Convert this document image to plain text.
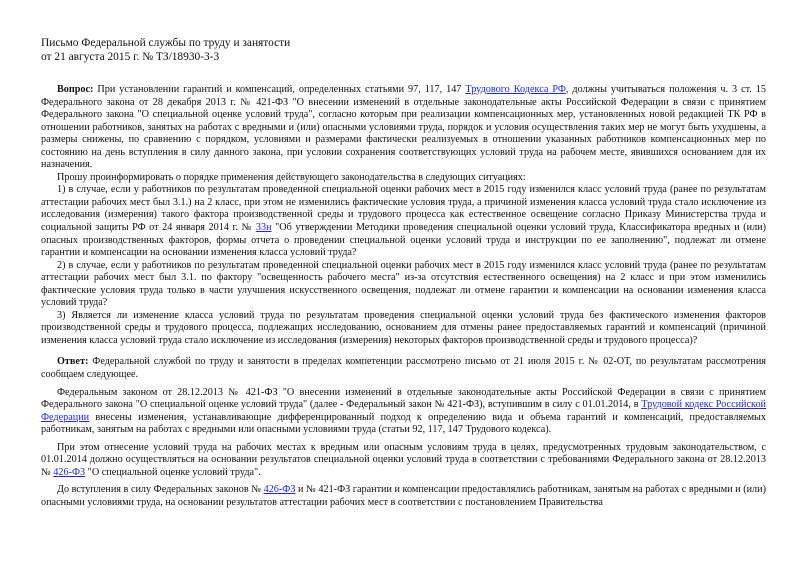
Письмо Федеральной службы по труду и занятости
от 21 августа 2015 г. № ТЗ/18930-3-3

Вопрос: При установлении гарантий и компенсаций, определенных статьями 97, 117, 147 Трудового Кодекса РФ, должны учитываться положения ч. 3 ст. 15 Федерального закона от 28 декабря 2013 г. № 421-ФЗ "О внесении изменений в отдельные законодательные акты Российской Федерации в связи с принятием Федерального закона "О специальной оценке условий труда", согласно которым при реализации компенсационных мер, установленных новой редакцией ТК РФ в отношении работников, занятых на работах с вредными и (или) опасными условиями труда, порядок и условия осуществления таких мер не могут быть ухудшены, а размеры снижены, по сравнению с порядком, условиями и размерами фактически реализуемых в отношении указанных работников компенсационных мер по состоянию на день вступления в силу данного закона, при условии сохранения соответствующих условий труда на рабочем месте, явившихся основанием для их назначения.

Прошу проинформировать о порядке применения действующего законодательства в следующих ситуациях:

1) в случае, если у работников по результатам проведенной специальной оценки рабочих мест в 2015 году изменился класс условий труда (ранее по результатам аттестации рабочих мест был 3.1.) на 2 класс, при этом не изменились фактические условия труда, а причиной изменения класса условий труда стало исключение из исследования (измерения) такого фактора производственной среды и трудового процесса как естественное освещение согласно Приказу Министерства труда и социальной защиты РФ от 24 января 2014 г. № 33н "Об утверждении Методики проведения специальной оценки условий труда, Классификатора вредных и (или) опасных производственных факторов, формы отчета о проведении специальной оценки условий труда и инструкции по ее заполнению", подлежат ли отмене гарантии и компенсации на основании изменения класса условий труда?

2) в случае, если у работников по результатам проведенной специальной оценки рабочих мест в 2015 году изменился класс условий труда (ранее по результатам аттестации рабочих мест был 3.1. по фактору "освещенность рабочего места" из-за отсутствия естественного освещения) на 2 класс и при этом изменились фактические условия труда только в части улучшения искусственного освещения, подлежат ли отмене гарантии и компенсации на основании изменения класса условий труда?

3) Является ли изменение класса условий труда по результатам проведения специальной оценки условий труда без фактического изменения факторов производственной среды и трудового процесса, подлежащих исследованию, основанием для отмены ранее предоставляемых гарантий и компенсаций (причиной изменения класса условий труда стало исключение из исследования (измерения) некоторых факторов производственной среды и трудового процесса)?

Ответ: Федеральной службой по труду и занятости в пределах компетенции рассмотрено письмо от 21 июля 2015 г. № 02-ОТ, по результатам рассмотрения сообщаем следующее.

Федеральным законом от 28.12.2013 № 421-ФЗ "О внесении изменений в отдельные законодательные акты Российской Федерации в связи с принятием Федерального закона "О специальной оценке условий труда" (далее - Федеральный закон № 421-ФЗ), вступившим в силу с 01.01.2014, в Трудовой кодекс Российской Федерации внесены изменения, устанавливающие дифференцированный подход к определению вида и объема гарантий и компенсаций, предоставляемых работникам, занятым на работах с вредными или опасными условиями труда (статьи 92, 117, 147 Трудового кодекса).

При этом отнесение условий труда на рабочих местах к вредным или опасным условиям труда в целях, предусмотренных трудовым законодательством, с 01.01.2014 должно осуществляться на основании результатов специальной оценки условий труда в соответствии с требованиями Федерального закона от 28.12.2013 № 426-ФЗ "О специальной оценке условий труда".

До вступления в силу Федеральных законов № 426-ФЗ и № 421-ФЗ гарантии и компенсации предоставлялись работникам, занятым на работах с вредными и (или) опасными условиями труда, на основании результатов аттестации рабочих мест в соответствии с постановлением Правительства
